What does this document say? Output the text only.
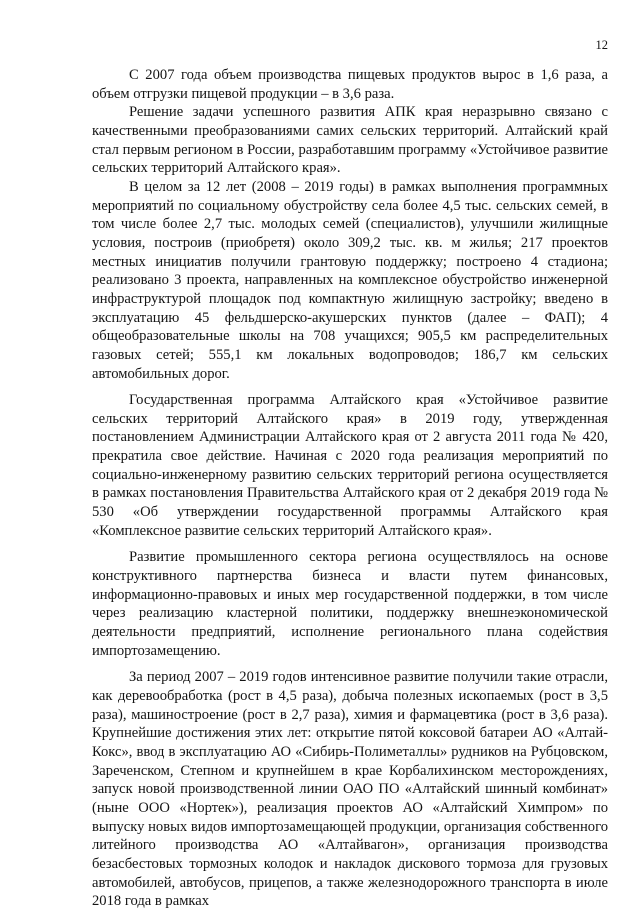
12

С 2007 года объем производства пищевых продуктов вырос в 1,6 раза, а объем отгрузки пищевой продукции – в 3,6 раза.

Решение задачи успешного развития АПК края неразрывно связано с качественными преобразованиями самих сельских территорий. Алтайский край стал первым регионом в России, разработавшим программу «Устойчивое развитие сельских территорий Алтайского края».

В целом за 12 лет (2008 – 2019 годы) в рамках выполнения программных мероприятий по социальному обустройству села более 4,5 тыс. сельских семей, в том числе более 2,7 тыс. молодых семей (специалистов), улучшили жилищные условия, построив (приобретя) около 309,2 тыс. кв. м жилья; 217 проектов местных инициатив получили грантовую поддержку; построено 4 стадиона; реализовано 3 проекта, направленных на комплексное обустройство инженерной инфраструктурой площадок под компактную жилищную застройку; введено в эксплуатацию 45 фельдшерско-акушерских пунктов (далее – ФАП); 4 общеобразовательные школы на 708 учащихся; 905,5 км распределительных газовых сетей; 555,1 км локальных водопроводов; 186,7 км сельских автомобильных дорог.

Государственная программа Алтайского края «Устойчивое развитие сельских территорий Алтайского края» в 2019 году, утвержденная постановлением Администрации Алтайского края от 2 августа 2011 года № 420, прекратила свое действие. Начиная с 2020 года реализация мероприятий по социально-инженерному развитию сельских территорий региона осуществляется в рамках постановления Правительства Алтайского края от 2 декабря 2019 года № 530 «Об утверждении государственной программы Алтайского края «Комплексное развитие сельских территорий Алтайского края».

Развитие промышленного сектора региона осуществлялось на основе конструктивного партнерства бизнеса и власти путем финансовых, информационно-правовых и иных мер государственной поддержки, в том числе через реализацию кластерной политики, поддержку внешнеэкономической деятельности предприятий, исполнение регионального плана содействия импортозамещению.

За период 2007 – 2019 годов интенсивное развитие получили такие отрасли, как деревообработка (рост в 4,5 раза), добыча полезных ископаемых (рост в 3,5 раза), машиностроение (рост в 2,7 раза), химия и фармацевтика (рост в 3,6 раза). Крупнейшие достижения этих лет: открытие пятой коксовой батареи АО «Алтай-Кокс», ввод в эксплуатацию АО «Сибирь-Полиметаллы» рудников на Рубцовском, Зареченском, Степном и крупнейшем в крае Корбалихинском месторождениях, запуск новой производственной линии ОАО ПО «Алтайский шинный комбинат» (ныне ООО «Нортек»), реализация проектов АО «Алтайский Химпром» по выпуску новых видов импортозамещающей продукции, организация собственного литейного производства АО «Алтайвагон», организация производства безасбестовых тормозных колодок и накладок дискового тормоза для грузовых автомобилей, автобусов, прицепов, а также железнодорожного транспорта в июле 2018 года в рамках
